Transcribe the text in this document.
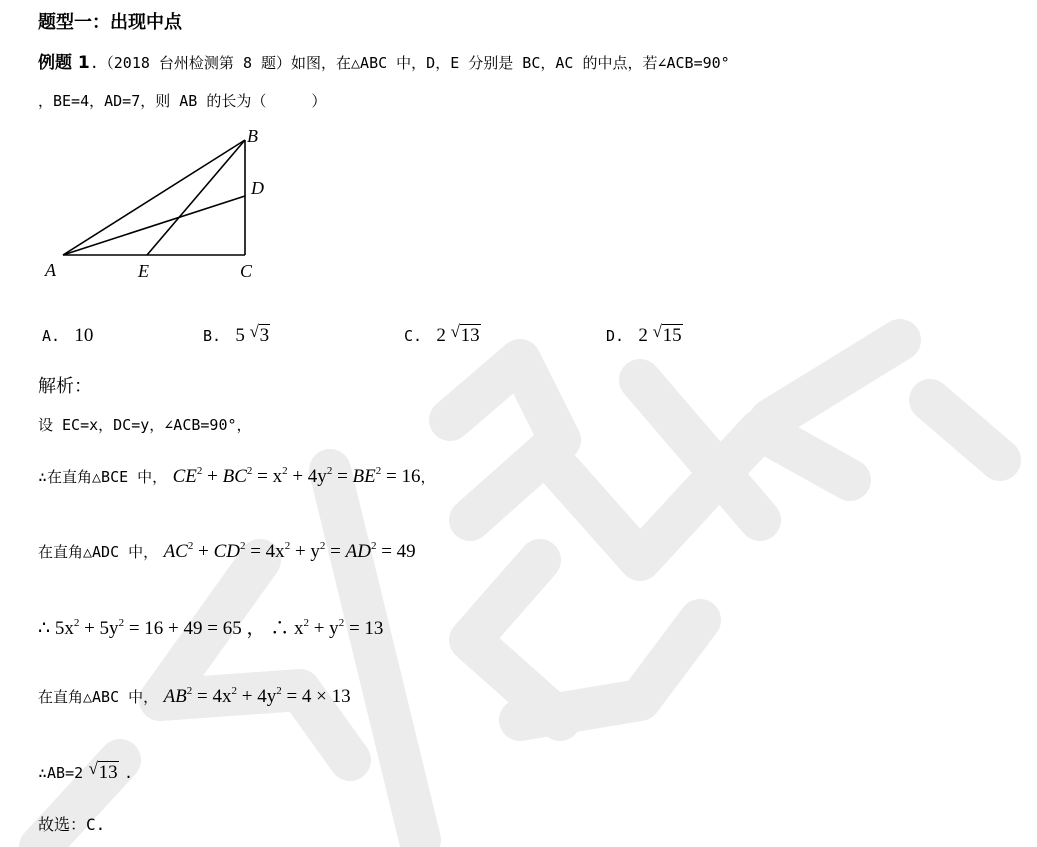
题型一：出现中点
例题 1.（2018 台州检测第 8 题）如图，在△ABC 中，D，E 分别是 BC，AC 的中点，若∠ACB=90°
，BE=4，AD=7，则 AB 的长为（　　　）
B
D
A	E	C
A. 10	B. 5 √ 3	C. 2 √ 13	D. 2 √ 15
解析：
设 EC=x，DC=y，∠ACB=90°，
∴在直角△BCE 中， $CE^2 + BC^2 = x^2 + 4y^2 = BE^2 = 16$，
在直角△ADC 中， $AC^2 + CD^2 = 4x^2 + y^2 = AD^2 = 49$
∴ $5x^2 + 5y^2 = 16 + 49 = 65$ ， ∴ $x^2 + y^2 = 13$
在直角△ABC 中， $AB^2 = 4x^2 + 4y^2 = 4 \times 13$
∴AB=2 √ 13 .
故选：C.
